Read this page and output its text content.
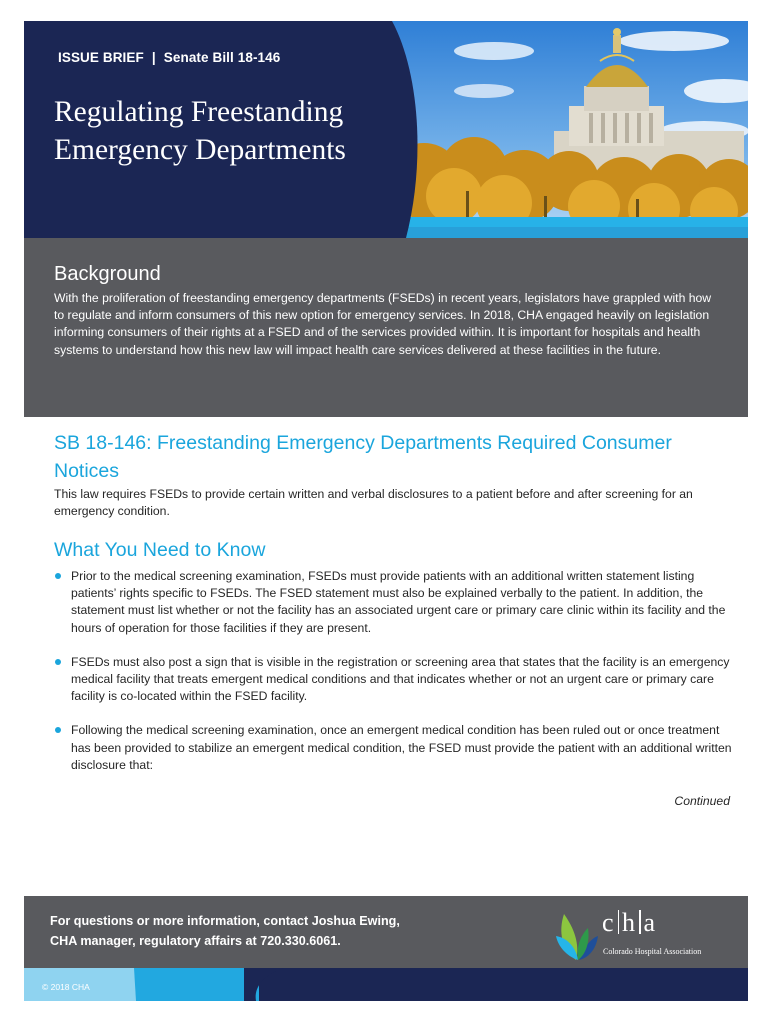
ISSUE BRIEF | Senate Bill 18-146
Regulating Freestanding
Emergency Departments
Background

With the proliferation of freestanding emergency departments (FSEDs) in recent years, legislators have grappled with how to regulate and inform consumers of this new option for emergency services. In 2018, CHA engaged heavily on legislation informing consumers of their rights at a FSED and of the services provided within. It is important for hospitals and health systems to understand how this new law will impact health care services delivered at these facilities in the future.

SB 18-146: Freestanding Emergency Departments Required Consumer Notices

This law requires FSEDs to provide certain written and verbal disclosures to a patient before and after screening for an emergency condition.

What You Need to Know
Prior to the medical screening examination, FSEDs must provide patients with an additional written statement listing patients’ rights specific to FSEDs. The FSED statement must also be explained verbally to the patient. In addition, the statement must list whether or not the facility has an associated urgent care or primary care clinic within its facility and the hours of operation for those facilities if they are present.
FSEDs must also post a sign that is visible in the registration or screening area that states that the facility is an emergency medical facility that treats emergent medical conditions and that indicates whether or not an urgent care or primary care facility is co-located within the FSED facility.
Following the medical screening examination, once an emergent medical condition has been ruled out or once treatment has been provided to stabilize an emergent medical condition, the FSED must provide the patient with an additional written disclosure that:
Continued
For questions or more information, contact Joshua Ewing,
CHA manager, regulatory affairs at 720.330.6061.
c h a
Colorado Hospital Association
© 2018 CHA
